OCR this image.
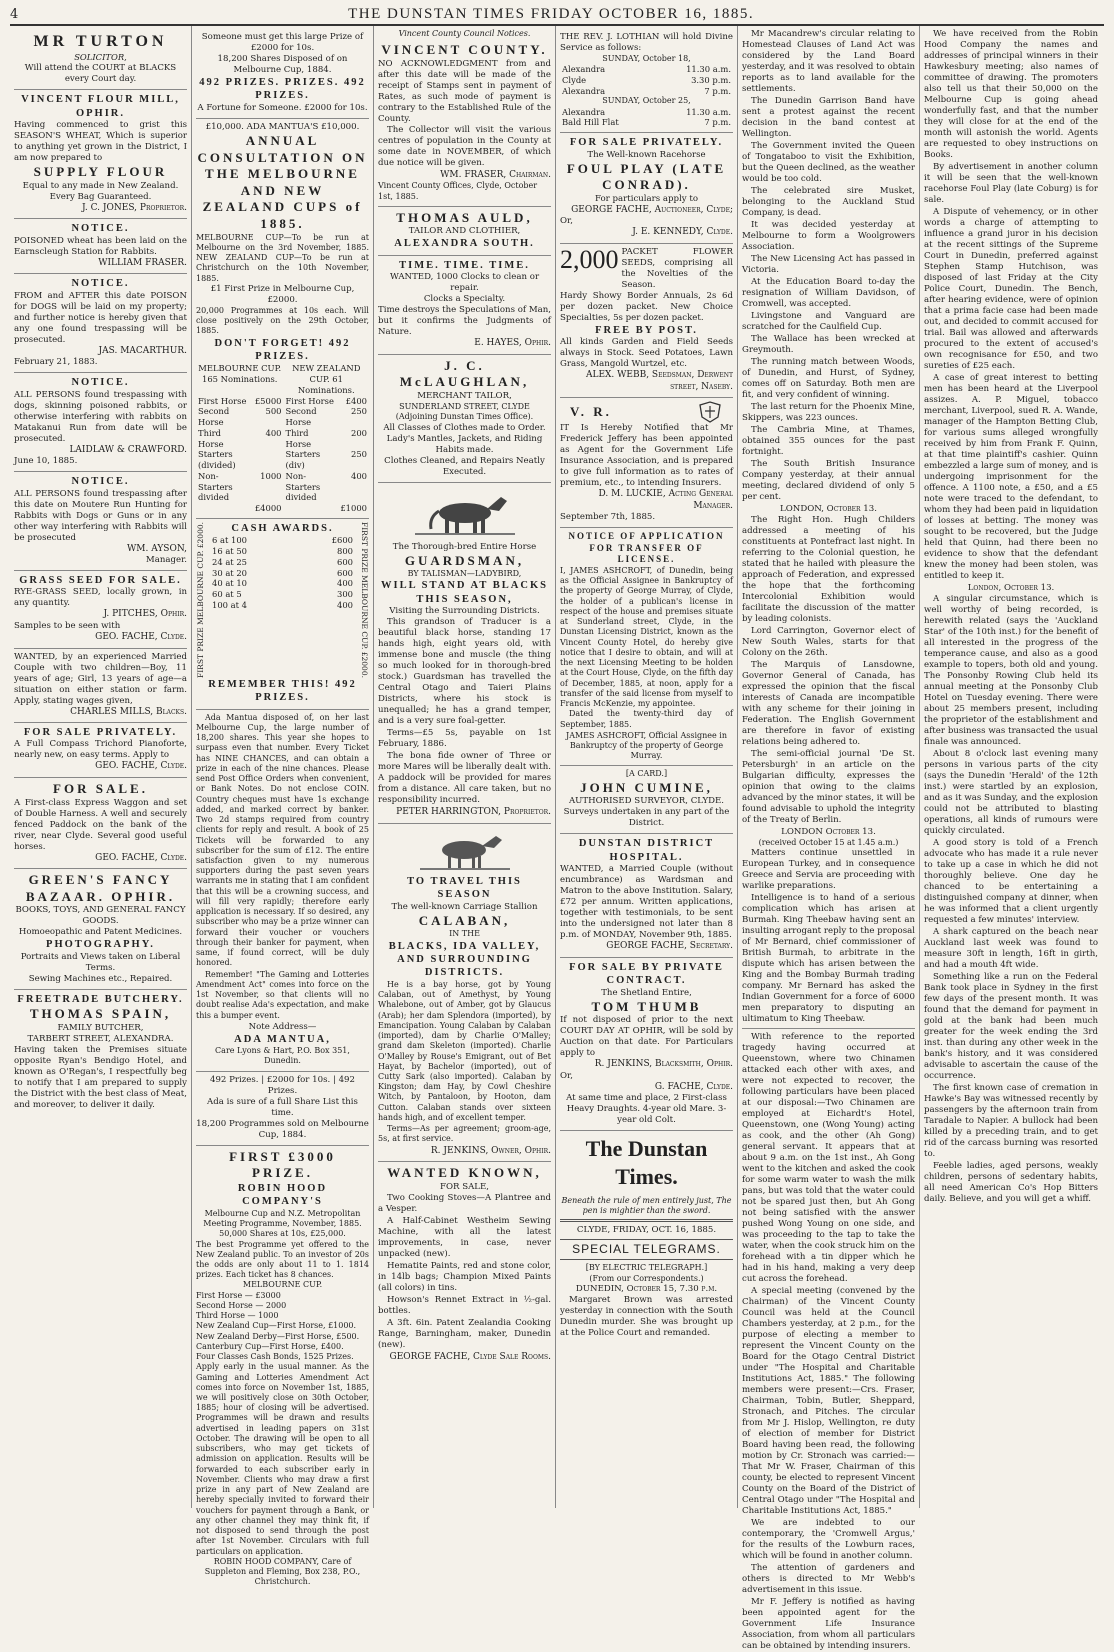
4	THE DUNSTAN TIMES FRIDAY OCTOBER 16, 1885.
MR TURTON
SOLICITOR,
Will attend the COURT at BLACKS every Court day.
VINCENT FLOUR MILL, OPHIR.
Having commenced to grist this SEASON'S WHEAT, Which is superior to anything yet grown in the District, I am now prepared to
SUPPLY FLOUR
Equal to any made in New Zealand.
Every Bag Guaranteed.
J. C. JONES, Proprietor.
NOTICE.
POISONED wheat has been laid on the Earnscleugh Station for Rabbits.
WILLIAM FRASER.
NOTICE.
FROM and AFTER this date POISON for DOGS will be laid on my property; and further notice is hereby given that any one found trespassing will be prosecuted.
JAS. MACARTHUR.
February 21, 1883.
NOTICE.
ALL PERSONS found trespassing with dogs, skinning poisoned rabbits, or otherwise interfering with rabbits on Matakanui Run from date will be prosecuted.
LAIDLAW & CRAWFORD.
June 10, 1885.
NOTICE.
ALL PERSONS found trespassing after this date on Moutere Run Hunting for Rabbits with Dogs or Guns or in any other way interfering with Rabbits will be prosecuted
WM. AYSON,
Manager.
GRASS SEED FOR SALE.
RYE-GRASS SEED, locally grown, in any quantity.
J. PITCHES, Ophir.
Samples to be seen with
GEO. FACHE, Clyde.
WANTED, by an experienced Married Couple with two children—Boy, 11 years of age; Girl, 13 years of age—a situation on either station or farm. Apply, stating wages given,
CHARLES MILLS, Blacks.
FOR SALE PRIVATELY.
A Full Compass Trichord Pianoforte, nearly new, on easy terms. Apply to
GEO. FACHE, Clyde.
FOR SALE.
A First-class Express Waggon and set of Double Harness. A well and securely fenced Paddock on the bank of the river, near Clyde. Several good useful horses.
GEO. FACHE, Clyde.
GREEN'S FANCY BAZAAR. OPHIR.
BOOKS, TOYS, AND GENERAL FANCY GOODS.
Homoeopathic and Patent Medicines.
PHOTOGRAPHY.
Portraits and Views taken on Liberal Terms.
Sewing Machines etc., Repaired.
FREETRADE BUTCHERY.
THOMAS SPAIN,
FAMILY BUTCHER,
TARBERT STREET, ALEXANDRA.
Having taken the Premises situate opposite Ryan's Bendigo Hotel, and known as O'Regan's, I respectfully beg to notify that I am prepared to supply the District with the best class of Meat, and moreover, to deliver it daily.
Someone must get this large Prize of £2000 for 10s.
18,200 Shares Disposed of on Melbourne Cup, 1884.
492 PRIZES. PRIZES. 492 PRIZES.
A Fortune for Someone. £2000 for 10s.
£10,000. ADA MANTUA'S £10,000.
ANNUAL CONSULTATION ON THE MELBOURNE AND NEW ZEALAND CUPS of 1885.
MELBOURNE CUP—To be run at Melbourne on the 3rd November, 1885. NEW ZEALAND CUP—To be run at Christchurch on the 10th November, 1885.
£1 First Prize in Melbourne Cup, £2000.
20,000 Programmes at 10s each. Will close positively on the 29th October, 1885.
DON'T FORGET! 492 PRIZES.
MELBOURNE CUP. 165 Nominations.		NEW ZEALAND CUP. 61 Nominations.	
First Horse	£5000	First Horse	£400
Second Horse	500	Second Horse	250
Third Horse	400	Third Horse	200
Starters (divided)		Starters (div)	250
Non-Starters divided	1000	Non-Starters divided	400
	£4000		£1000
FIRST PRIZE MELBOURNE CUP. £2000.	CASH AWARDS.
6 at 100	£600
16 at 50	800
24 at 25	600
30 at 20	600
40 at 10	400
60 at 5	300
100 at 4	400 FIRST PRIZE MELBOURNE CUP. £2000.
REMEMBER THIS! 492 PRIZES.
Ada Mantua disposed of, on her last Melbourne Cup, the large number of 18,200 shares. This year she hopes to surpass even that number. Every Ticket has NINE CHANCES, and can obtain a prize in each of the nine chances. Please send Post Office Orders when convenient, or Bank Notes. Do not enclose COIN. Country cheques must have 1s exchange added, and marked correct by banker. Two 2d stamps required from country clients for reply and result. A book of 25 Tickets will be forwarded to any subscriber for the sum of £12. The entire satisfaction given to my numerous supporters during the past seven years warrants me in stating that I am confident that this will be a crowning success, and will fill very rapidly; therefore early application is necessary. If so desired, any subscriber who may be a prize winner can forward their voucher or vouchers through their banker for payment, when same, if found correct, will be duly honored.
Remember! "The Gaming and Lotteries Amendment Act" comes into force on the 1st November, so that clients will no doubt realise Ada's expectation, and make this a bumper event.
Note Address—
ADA MANTUA,
Care Lyons & Hart, P.O. Box 351, Dunedin.
492 Prizes. | £2000 for 10s. | 492 Prizes.
Ada is sure of a full Share List this time.
18,200 Programmes sold on Melbourne Cup, 1884.
FIRST £3000 PRIZE.
ROBIN HOOD COMPANY'S
Melbourne Cup and N.Z. Metropolitan Meeting Programme, November, 1885. 50,000 Shares at 10s, £25,000.
The best Programme yet offered to the New Zealand public. To an investor of 20s the odds are only about 11 to 1. 1814 prizes. Each ticket has 8 chances.
MELBOURNE CUP.
First Horse — £3000
Second Horse — 2000
Third Horse — 1000
New Zealand Cup—First Horse, £1000.
New Zealand Derby—First Horse, £500.
Canterbury Cup—First Horse, £400.
Four Classes Cash Bonds, 1525 Prizes.
Apply early in the usual manner. As the Gaming and Lotteries Amendment Act comes into force on November 1st, 1885, we will positively close on 30th October, 1885; hour of closing will be advertised. Programmes will be drawn and results advertised in leading papers on 31st October. The drawing will be open to all subscribers, who may get tickets of admission on application. Results will be forwarded to each subscriber early in November. Clients who may draw a first prize in any part of New Zealand are hereby specially invited to forward their vouchers for payment through a Bank, or any other channel they may think fit, if not disposed to send through the post after 1st November. Circulars with full particulars on application.
ROBIN HOOD COMPANY, Care of Suppleton and Fleming, Box 238, P.O., Christchurch.
Vincent County Council Notices.
VINCENT COUNTY.
NO ACKNOWLEDGMENT from and after this date will be made of the receipt of Stamps sent in payment of Rates, as such mode of payment is contrary to the Established Rule of the County.
The Collector will visit the various centres of population in the County at some date in NOVEMBER, of which due notice will be given.
WM. FRASER, Chairman.
Vincent County Offices, Clyde, October 1st, 1885.
THOMAS AULD,
TAILOR AND CLOTHIER,
ALEXANDRA SOUTH.
TIME. TIME. TIME.
WANTED, 1000 Clocks to clean or repair.
Clocks a Specialty.
Time destroys the Speculations of Man, but it confirms the Judgments of Nature.
E. HAYES, Ophir.
J. C. McLAUGHLAN,
MERCHANT TAILOR,
SUNDERLAND STREET, CLYDE (Adjoining Dunstan Times Office).
All Classes of Clothes made to Order.
Lady's Mantles, Jackets, and Riding Habits made.
Clothes Cleaned, and Repairs Neatly Executed.
The Thorough-bred Entire Horse
GUARDSMAN,
BY TALISMAN—LADYBIRD,
WILL STAND AT BLACKS THIS SEASON,
Visiting the Surrounding Districts.
This grandson of Traducer is a beautiful black horse, standing 17 hands high, eight years old, with immense bone and muscle (the thing so much looked for in thorough-bred stock.) Guardsman has travelled the Central Otago and Taieri Plains Districts, where his stock is unequalled; he has a grand temper, and is a very sure foal-getter.
Terms—£5 5s, payable on 1st February, 1886.
The bona fide owner of Three or more Mares will be liberally dealt with. A paddock will be provided for mares from a distance. All care taken, but no responsibility incurred.
PETER HARRINGTON, Proprietor.
TO TRAVEL THIS SEASON
The well-known Carriage Stallion
CALABAN,
IN THE
BLACKS, IDA VALLEY, AND SURROUNDING DISTRICTS.
He is a bay horse, got by Young Calaban, out of Amethyst, by Young Whalebone, out of Amber, got by Glaucus (Arab); her dam Splendora (imported), by Emancipation. Young Calaban by Calaban (imported), dam by Charlie O'Malley; grand dam Skeleton (imported). Charlie O'Malley by Rouse's Emigrant, out of Bet Hayat, by Bachelor (imported), out of Cutty Sark (also imported). Calaban by Kingston; dam Hay, by Cowl Cheshire Witch, by Pantaloon, by Hooton, dam Cutton. Calaban stands over sixteen hands high, and of excellent temper.
Terms—As per agreement; groom-age, 5s, at first service.
R. JENKINS, Owner, Ophir.
WANTED KNOWN,
FOR SALE,
Two Cooking Stoves—A Plantree and a Vesper.
A Half-Cabinet Westheim Sewing Machine, with all the latest improvements, in case, never unpacked (new).
Hematite Paints, red and stone color, in 14lb bags; Champion Mixed Paints (all colors) in tins.
Howson's Rennet Extract in ½-gal. bottles.
A 3ft. 6in. Patent Zealandia Cooking Range, Barningham, maker, Dunedin (new).
GEORGE FACHE, Clyde Sale Rooms.
THE REV. J. LOTHIAN will hold Divine Service as follows:
SUNDAY, October 18,
Alexandra	11.30 a.m.
Clyde	3.30 p.m.
Alexandra	7 p.m.
SUNDAY, October 25,
Alexandra	11.30 a.m.
Bald Hill Flat	7 p.m.
FOR SALE PRIVATELY.
The Well-known Racehorse
FOUL PLAY (LATE CONRAD).
For particulars apply to
GEORGE FACHE, Auctioneer, Clyde;
Or,
J. E. KENNEDY, Clyde.
2,000 PACKET FLOWER SEEDS, comprising all the Novelties of the Season.
Hardy Showy Border Annuals, 2s 6d per dozen packet. New Choice Specialties, 5s per dozen packet.
FREE BY POST.
All kinds Garden and Field Seeds always in Stock. Seed Potatoes, Lawn Grass, Mangold Wurtzel, etc.
ALEX. WEBB, Seedsman, Derwent street, Naseby.
V. R.
IT Is Hereby Notified that Mr Frederick Jeffery has been appointed as Agent for the Government Life Insurance Association, and is prepared to give full information as to rates of premium, etc., to intending Insurers.
D. M. LUCKIE, Acting General Manager.
September 7th, 1885.
NOTICE OF APPLICATION FOR TRANSFER OF LICENSE.
I, JAMES ASHCROFT, of Dunedin, being as the Official Assignee in Bankruptcy of the property of George Murray, of Clyde, the holder of a publican's license in respect of the house and premises situate at Sunderland street, Clyde, in the Dunstan Licensing District, known as the Vincent County Hotel, do hereby give notice that I desire to obtain, and will at the next Licensing Meeting to be holden at the Court House, Clyde, on the fifth day of December, 1885, at noon, apply for a transfer of the said license from myself to Francis McKenzie, my appointee.
Dated the twenty-third day of September, 1885.
JAMES ASHCROFT, Official Assignee in Bankruptcy of the property of George Murray.
[A CARD.]
JOHN CUMINE,
AUTHORISED SURVEYOR, CLYDE.
Surveys undertaken in any part of the District.
DUNSTAN DISTRICT HOSPITAL.
WANTED, a Married Couple (without encumbrance) as Wardsman and Matron to the above Institution. Salary, £72 per annum. Written applications, together with testimonials, to be sent into the undersigned not later than 8 p.m. of MONDAY, November 9th, 1885.
GEORGE FACHE, Secretary.
FOR SALE BY PRIVATE CONTRACT.
The Shetland Entire,
TOM THUMB
If not disposed of prior to the next COURT DAY AT OPHIR, will be sold by Auction on that date. For Particulars apply to
R. JENKINS, Blacksmith, Ophir.
Or,
G. FACHE, Clyde.
At same time and place, 2 First-class Heavy Draughts. 4-year old Mare. 3-year old Colt.
The Dunstan Times.
Beneath the rule of men entirely just, The pen is mightier than the sword.
CLYDE, FRIDAY, OCT. 16, 1885.
SPECIAL TELEGRAMS.
[BY ELECTRIC TELEGRAPH.]
(From our Correspondents.)
DUNEDIN, October 15, 7.30 p.m.
Margaret Brown was arrested yesterday in connection with the South Dunedin murder. She was brought up at the Police Court and remanded.
Mr Macandrew's circular relating to Homestead Clauses of Land Act was considered by the Land Board yesterday, and it was resolved to obtain reports as to land available for the settlements.
The Dunedin Garrison Band have sent a protest against the recent decision in the band contest at Wellington.
The Government invited the Queen of Tongataboo to visit the Exhibition, but the Queen declined, as the weather would be too cold.
The celebrated sire Musket, belonging to the Auckland Stud Company, is dead.
It was decided yesterday at Melbourne to form a Woolgrowers Association.
The New Licensing Act has passed in Victoria.
At the Education Board to-day the resignation of William Davidson, of Cromwell, was accepted.
Livingstone and Vanguard are scratched for the Caulfield Cup.
The Wallace has been wrecked at Greymouth.
The running match between Woods, of Dunedin, and Hurst, of Sydney, comes off on Saturday. Both men are fit, and very confident of winning.
The last return for the Phoenix Mine, Skippers, was 223 ounces.
The Cambria Mine, at Thames, obtained 355 ounces for the past fortnight.
The South British Insurance Company yesterday, at their annual meeting, declared dividend of only 5 per cent.
LONDON, October 13.
The Right Hon. Hugh Childers addressed a meeting of his constituents at Pontefract last night. In referring to the Colonial question, he stated that he hailed with pleasure the approach of Federation, and expressed the hope that the forthcoming Intercolonial Exhibition would facilitate the discussion of the matter by leading colonists.
Lord Carrington, Governor elect of New South Wales, starts for that Colony on the 26th.
The Marquis of Lansdowne, Governor General of Canada, has expressed the opinion that the fiscal interests of Canada are incompatible with any scheme for their joining in Federation. The English Government are therefore in favor of existing relations being adhered to.
The semi-official journal 'De St. Petersburgh' in an article on the Bulgarian difficulty, expresses the opinion that owing to the claims advanced by the minor states, it will be found advisable to uphold the integrity of the Treaty of Berlin.
LONDON October 13.
(received October 15 at 1.45 a.m.)
Matters continue unsettled in European Turkey, and in consequence Greece and Servia are proceeding with warlike preparations.
Intelligence is to hand of a serious complication which has arisen at Burmah. King Theebaw having sent an insulting arrogant reply to the proposal of Mr Bernard, chief commissioner of British Burmah, to arbitrate in the dispute which has arisen between the King and the Bombay Burmah trading company. Mr Bernard has asked the Indian Government for a force of 6000 men preparatory to disputing an ultimatum to King Theebaw.
With reference to the reported tragedy having occurred at Queenstown, where two Chinamen attacked each other with axes, and were not expected to recover, the following particulars have been placed at our disposal:—Two Chinamen are employed at Eichardt's Hotel, Queenstown, one (Wong Young) acting as cook, and the other (Ah Gong) general servant. It appears that at about 9 a.m. on the 1st inst., Ah Gong went to the kitchen and asked the cook for some warm water to wash the milk pans, but was told that the water could not be spared just then, but Ah Gong not being satisfied with the answer pushed Wong Young on one side, and was proceeding to the tap to take the water, when the cook struck him on the forehead with a tin dipper which he had in his hand, making a very deep cut across the forehead.
A special meeting (convened by the Chairman) of the Vincent County Council was held at the Council Chambers yesterday, at 2 p.m., for the purpose of electing a member to represent the Vincent County on the Board for the Otago Central District under "The Hospital and Charitable Institutions Act, 1885." The following members were present:—Crs. Fraser, Chairman, Tobin, Butler, Sheppard, Stronach, and Pitches. The circular from Mr J. Hislop, Wellington, re duty of election of member for District Board having been read, the following motion by Cr. Stronach was carried:—That Mr W. Fraser, Chairman of this county, be elected to represent Vincent County on the Board of the District of Central Otago under "The Hospital and Charitable Institutions Act, 1885."
We are indebted to our contemporary, the 'Cromwell Argus,' for the results of the Lowburn races, which will be found in another column.
The attention of gardeners and others is directed to Mr Webb's advertisement in this issue.
Mr F. Jeffery is notified as having been appointed agent for the Government Life Insurance Association, from whom all particulars can be obtained by intending insurers.
We have received from the Robin Hood Company the names and addresses of principal winners in their Hawkesbury meeting; also names of committee of drawing. The promoters also tell us that their 50,000 on the Melbourne Cup is going ahead wonderfully fast, and that the number they will close for at the end of the month will astonish the world. Agents are requested to obey instructions on Books.
By advertisement in another column it will be seen that the well-known racehorse Foul Play (late Coburg) is for sale.
A Dispute of vehemency, or in other words a charge of attempting to influence a grand juror in his decision at the recent sittings of the Supreme Court in Dunedin, preferred against Stephen Stamp Hutchison, was disposed of last Friday at the City Police Court, Dunedin. The Bench, after hearing evidence, were of opinion that a prima facie case had been made out, and decided to commit accused for trial. Bail was allowed and afterwards procured to the extent of accused's own recognisance for £50, and two sureties of £25 each.
A case of great interest to betting men has been heard at the Liverpool assizes. A. P. Miguel, tobacco merchant, Liverpool, sued R. A. Wande, manager of the Hampton Betting Club, for various sums alleged wrongfully received by him from Frank F. Quinn, at that time plaintiff's cashier. Quinn embezzled a large sum of money, and is undergoing imprisonment for the offence. A 1100 note, a £50, and a £5 note were traced to the defendant, to whom they had been paid in liquidation of losses at betting. The money was sought to be recovered, but the Judge held that Quinn, had there been no evidence to show that the defendant knew the money had been stolen, was entitled to keep it.
London, October 13.
A singular circumstance, which is well worthy of being recorded, is herewith related (says the 'Auckland Star' of the 10th inst.) for the benefit of all interested in the progress of the temperance cause, and also as a good example to topers, both old and young. The Ponsonby Rowing Club held its annual meeting at the Ponsonby Club Hotel on Tuesday evening. There were about 25 members present, including the proprietor of the establishment and after business was transacted the usual finale was announced.
About 8 o'clock last evening many persons in various parts of the city (says the Dunedin 'Herald' of the 12th inst.) were startled by an explosion, and as it was Sunday, and the explosion could not be attributed to blasting operations, all kinds of rumours were quickly circulated.
A good story is told of a French advocate who has made it a rule never to take up a case in which he did not thoroughly believe. One day he chanced to be entertaining a distinguished company at dinner, when he was informed that a client urgently requested a few minutes' interview.
A shark captured on the beach near Auckland last week was found to measure 30ft in length, 16ft in girth, and had a mouth 4ft wide.
Something like a run on the Federal Bank took place in Sydney in the first few days of the present month. It was found that the demand for payment in gold at the bank had been much greater for the week ending the 3rd inst. than during any other week in the bank's history, and it was considered advisable to ascertain the cause of the occurrence.
The first known case of cremation in Hawke's Bay was witnessed recently by passengers by the afternoon train from Taradale to Napier. A bullock had been killed by a preceding train, and to get rid of the carcass burning was resorted to.
Feeble ladies, aged persons, weakly children, persons of sedentary habits, all need American Co's Hop Bitters daily. Believe, and you will get a whiff.
